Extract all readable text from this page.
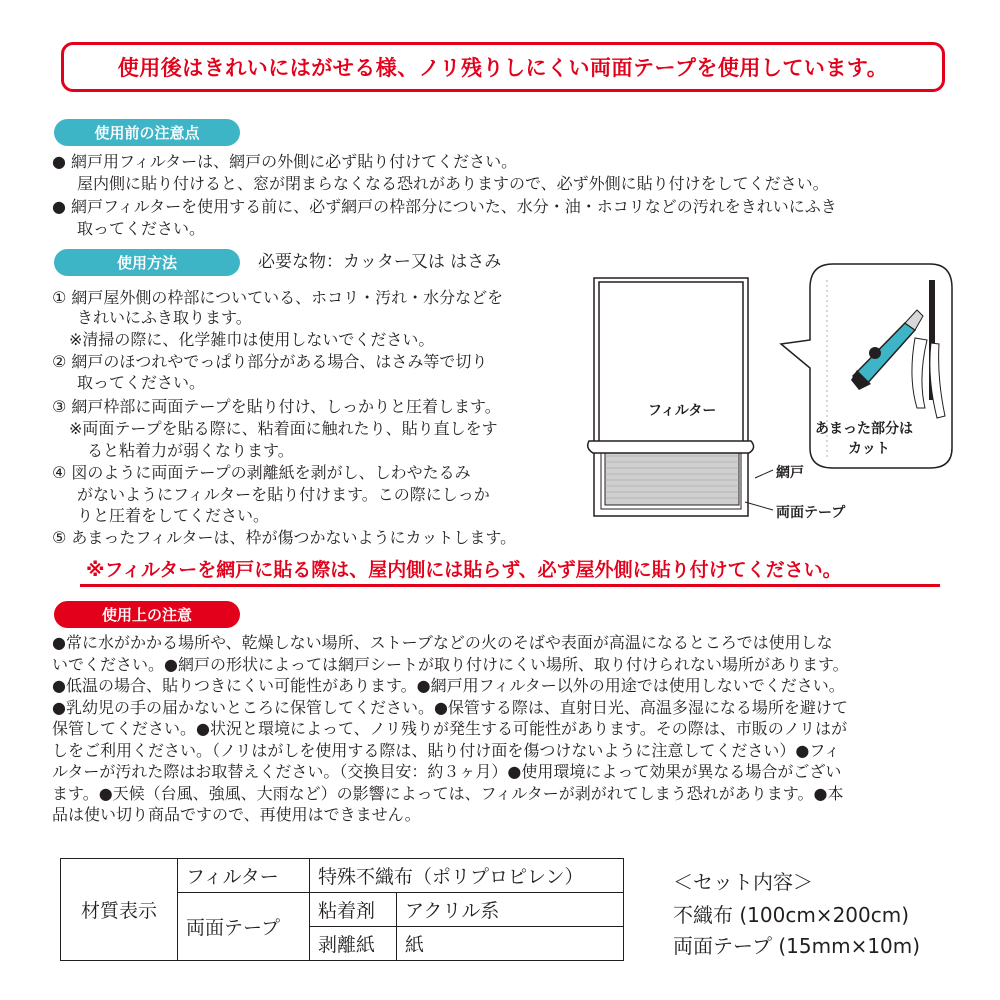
使用後はきれいにはがせる様、ノリ残りしにくい両面テープを使用しています。
使用前の注意点
● 網戸用フィルターは、網戸の外側に必ず貼り付けてください。
屋内側に貼り付けると、窓が閉まらなくなる恐れがありますので、必ず外側に貼り付けをしてください。
● 網戸フィルターを使用する前に、必ず網戸の枠部分についた、水分・油・ホコリなどの汚れをきれいにふき
取ってください。
使用方法	必要な物：カッター又は はさみ
① 網戸屋外側の枠部についている、ホコリ・汚れ・水分などを
きれいにふき取ります。
※清掃の際に、化学雑巾は使用しないでください。
② 網戸のほつれやでっぱり部分がある場合、はさみ等で切り
取ってください。
③ 網戸枠部に両面テープを貼り付け、しっかりと圧着します。
※両面テープを貼る際に、粘着面に触れたり、貼り直しをす
ると粘着力が弱くなります。
④ 図のように両面テープの剥離紙を剥がし、しわやたるみ
がないようにフィルターを貼り付けます。この際にしっか
りと圧着をしてください。
⑤ あまったフィルターは、枠が傷つかないようにカットします。
フィルター
網戸
両面テープ
あまった部分は
カット
※フィルターを網戸に貼る際は、屋内側には貼らず、必ず屋外側に貼り付けてください。
使用上の注意
●常に水がかかる場所や、乾燥しない場所、ストーブなどの火のそばや表面が高温になるところでは使用しな
いでください。●網戸の形状によっては網戸シートが取り付けにくい場所、取り付けられない場所があります。
●低温の場合、貼りつきにくい可能性があります。●網戸用フィルター以外の用途では使用しないでください。
●乳幼児の手の届かないところに保管してください。●保管する際は、直射日光、高温多湿になる場所を避けて
保管してください。●状況と環境によって、ノリ残りが発生する可能性があります。その際は、市販のノリはが
しをご利用ください。（ノリはがしを使用する際は、貼り付け面を傷つけないように注意してください）●フィ
ルターが汚れた際はお取替えください。（交換目安：約３ヶ月）●使用環境によって効果が異なる場合がござい
ます。●天候（台風、強風、大雨など）の影響によっては、フィルターが剥がれてしまう恐れがあります。●本
品は使い切り商品ですので、再使用はできません。
材質表示	フィルター	特殊不織布（ポリプロピレン）	
	両面テープ	粘着剤	アクリル系
		剥離紙	紙
＜セット内容＞
不織布 (100cm×200cm)
両面テープ (15mm×10m)
